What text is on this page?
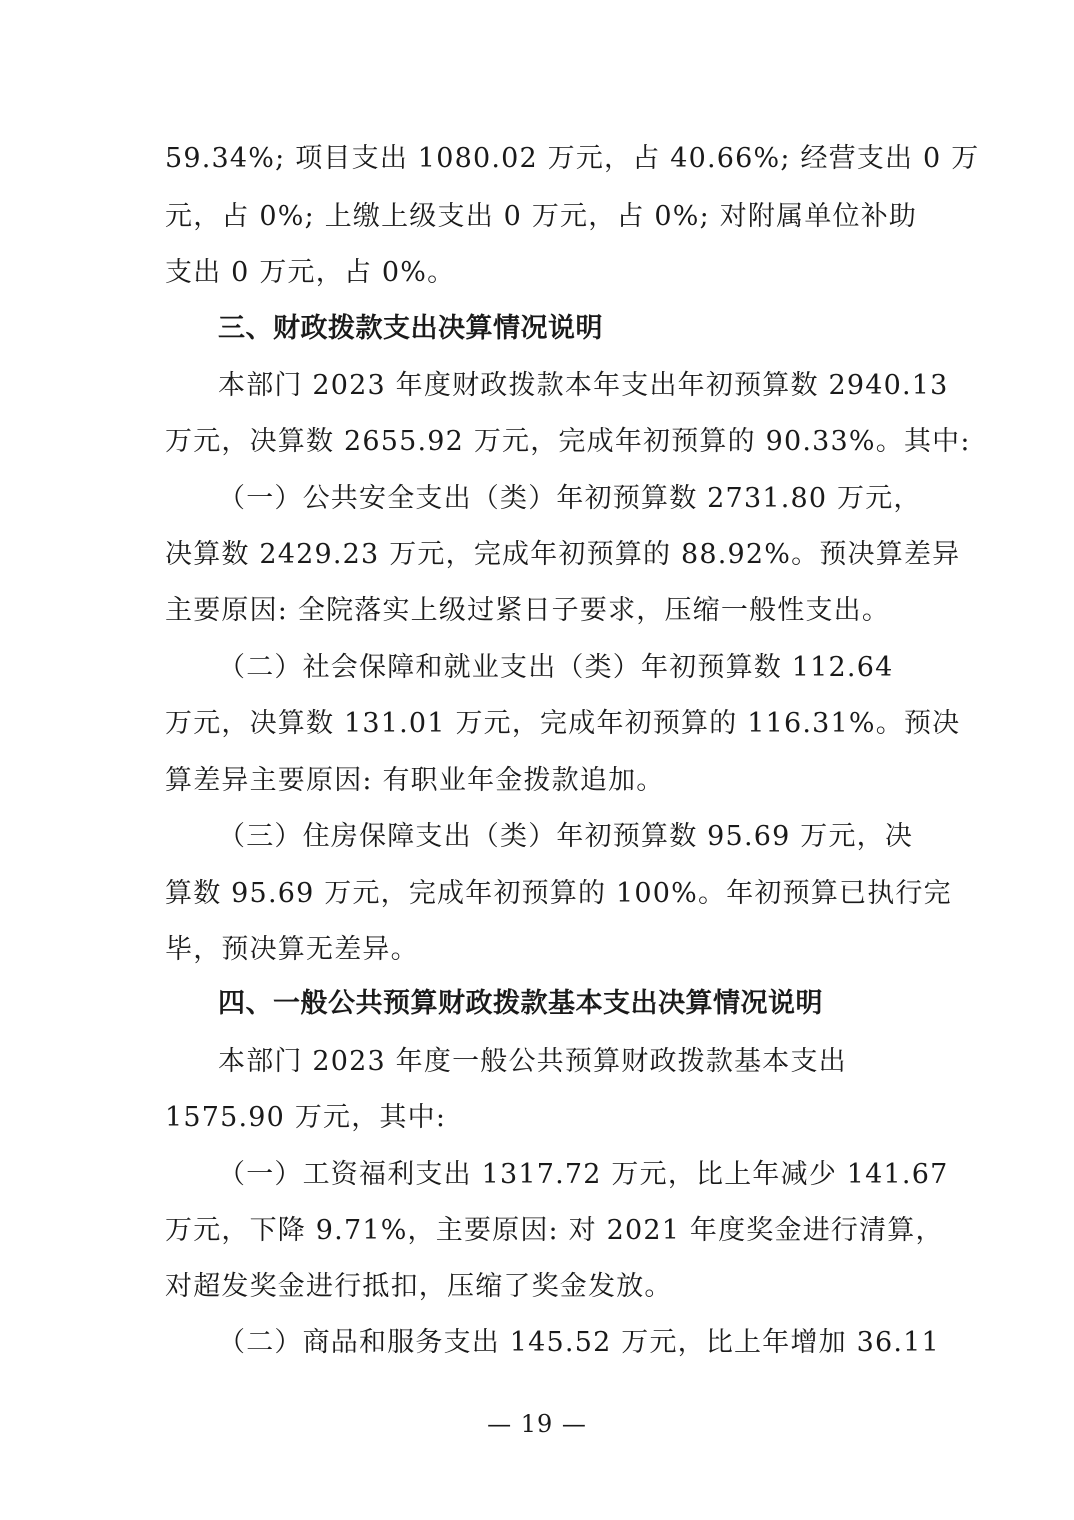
59.34%; 项目支出 1080.02 万元，占 40.66%; 经营支出 0 万
元，占 0%; 上缴上级支出 0 万元，占 0%; 对附属单位补助
支出 0 万元，占 0%。
三、财政拨款支出决算情况说明
本部门 2023 年度财政拨款本年支出年初预算数 2940.13
万元，决算数 2655.92 万元，完成年初预算的 90.33%。其中:
（一）公共安全支出（类）年初预算数 2731.80 万元，
决算数 2429.23 万元，完成年初预算的 88.92%。预决算差异
主要原因: 全院落实上级过紧日子要求，压缩一般性支出。
（二）社会保障和就业支出（类）年初预算数 112.64
万元，决算数 131.01 万元，完成年初预算的 116.31%。预决
算差异主要原因: 有职业年金拨款追加。
（三）住房保障支出（类）年初预算数 95.69 万元，决
算数 95.69 万元，完成年初预算的 100%。年初预算已执行完
毕，预决算无差异。
四、一般公共预算财政拨款基本支出决算情况说明
本部门 2023 年度一般公共预算财政拨款基本支出
1575.90 万元，其中:
（一）工资福利支出 1317.72 万元，比上年减少 141.67
万元，下降 9.71%，主要原因: 对 2021 年度奖金进行清算，
对超发奖金进行抵扣，压缩了奖金发放。
（二）商品和服务支出 145.52 万元，比上年增加 36.11
— 19 —
